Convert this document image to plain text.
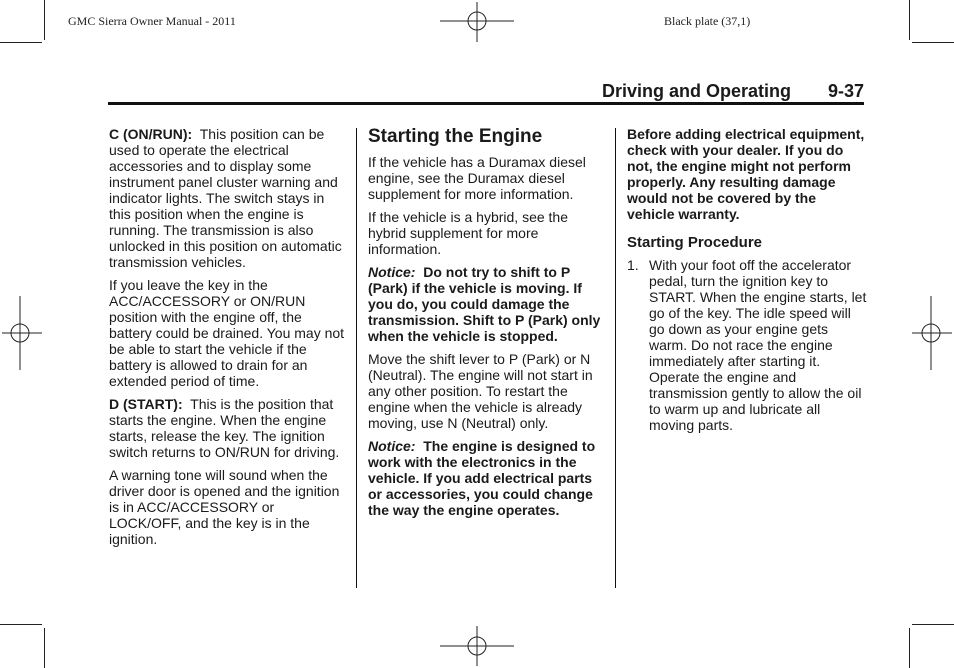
GMC Sierra Owner Manual - 2011	Black plate (37,1)
Driving and Operating 9-37

C (ON/RUN): This position can be used to operate the electrical accessories and to display some instrument panel cluster warning and indicator lights. The switch stays in this position when the engine is running. The transmission is also unlocked in this position on automatic transmission vehicles.

If you leave the key in the ACC/ACCESSORY or ON/RUN position with the engine off, the battery could be drained. You may not be able to start the vehicle if the battery is allowed to drain for an extended period of time.

D (START): This is the position that starts the engine. When the engine starts, release the key. The ignition switch returns to ON/RUN for driving.

A warning tone will sound when the driver door is opened and the ignition is in ACC/ACCESSORY or LOCK/OFF, and the key is in the ignition.

Starting the Engine

If the vehicle has a Duramax diesel engine, see the Duramax diesel supplement for more information.

If the vehicle is a hybrid, see the hybrid supplement for more information.

Notice: Do not try to shift to P (Park) if the vehicle is moving. If you do, you could damage the transmission. Shift to P (Park) only when the vehicle is stopped.

Move the shift lever to P (Park) or N (Neutral). The engine will not start in any other position. To restart the engine when the vehicle is already moving, use N (Neutral) only.

Notice: The engine is designed to work with the electronics in the vehicle. If you add electrical parts or accessories, you could change the way the engine operates.

Before adding electrical equipment, check with your dealer. If you do not, the engine might not perform properly. Any resulting damage would not be covered by the vehicle warranty.

Starting Procedure
1. With your foot off the accelerator pedal, turn the ignition key to START. When the engine starts, let go of the key. The idle speed will go down as your engine gets warm. Do not race the engine immediately after starting it. Operate the engine and transmission gently to allow the oil to warm up and lubricate all moving parts.
